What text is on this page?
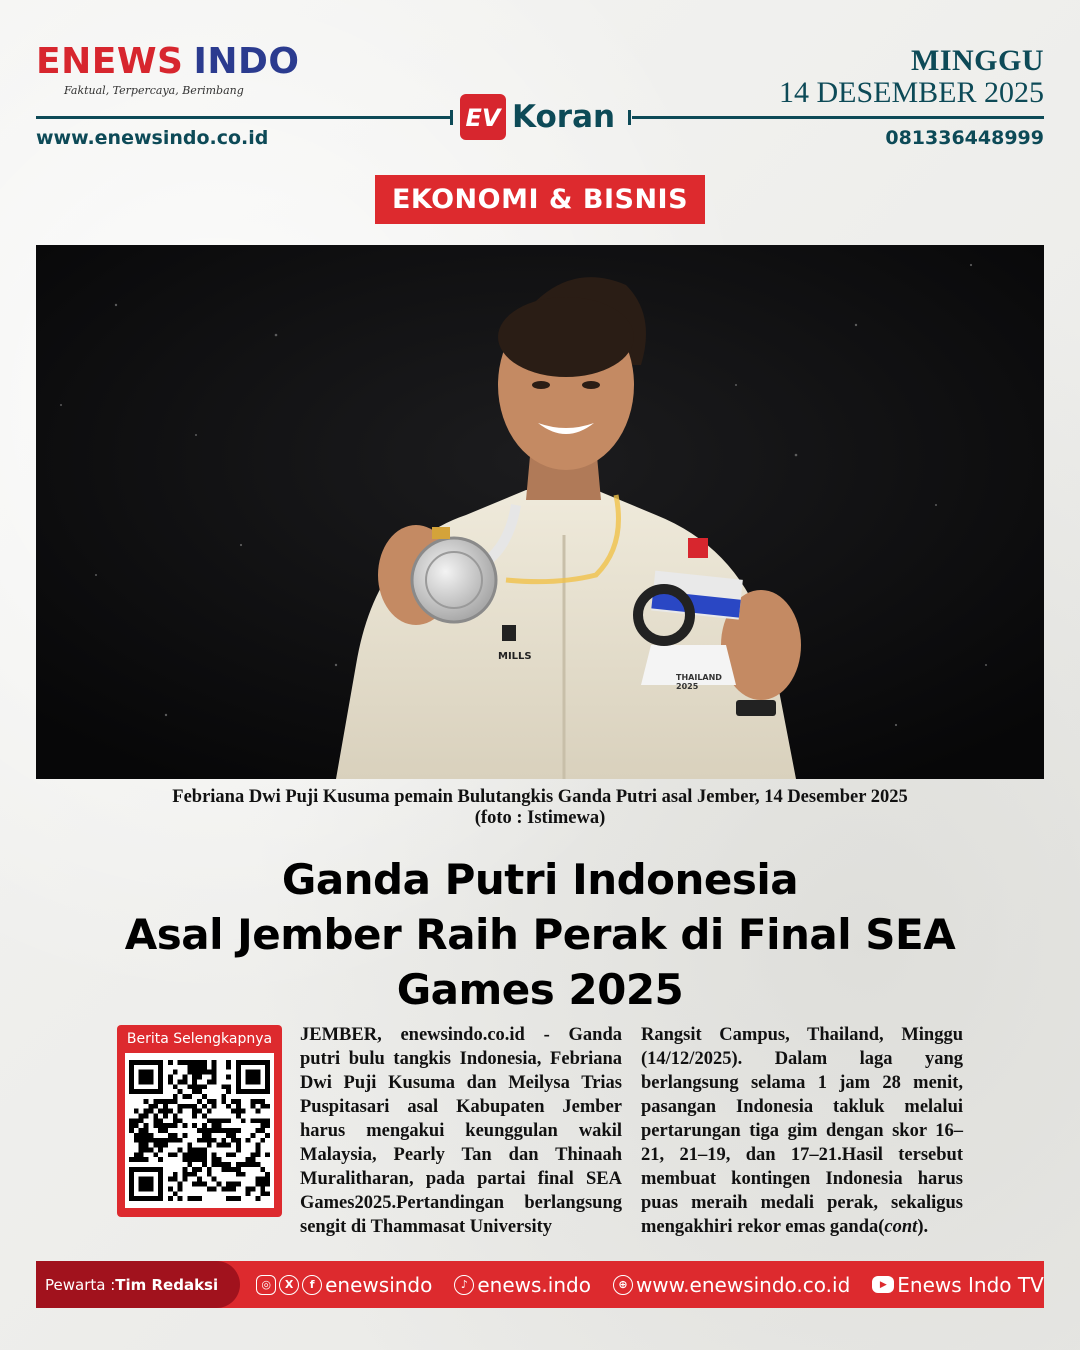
ENEWS INDO
Faktual, Terpercaya, Berimbang
MINGGU
14 DESEMBER 2025
EV Koran
www.enewsindo.co.id	081336448999
EKONOMI & BISNIS
MILLS
THAILAND
2025
Febriana Dwi Puji Kusuma pemain Bulutangkis Ganda Putri asal Jember, 14 Desember 2025
(foto : Istimewa)
Ganda Putri Indonesia
Asal Jember Raih Perak di Final SEA
Games 2025
Berita Selengkapnya JEMBER, enewsindo.co.id - Ganda putri bulu tangkis Indonesia, Febriana Dwi Puji Kusuma dan Meilysa Trias Puspitasari asal Kabupaten Jember harus mengakui keunggulan wakil Malaysia, Pearly Tan dan Thinaah Muralitharan, pada partai final SEA Games2025.Pertandingan berlangsung sengit di Thammasat University
Rangsit Campus, Thailand, Minggu (14/12/2025). Dalam laga yang berlangsung selama 1 jam 28 menit, pasangan Indonesia takluk melalui pertarungan tiga gim dengan skor 16–21, 21–19, dan 17–21.Hasil tersebut membuat kontingen Indonesia harus puas meraih medali perak, sekaligus mengakhiri rekor emas ganda(cont).
Pewarta : Tim Redaksi	◎	X	f enewsindo	♪ enews.indo	⊕ www.enewsindo.co.id	▶ Enews Indo TV
